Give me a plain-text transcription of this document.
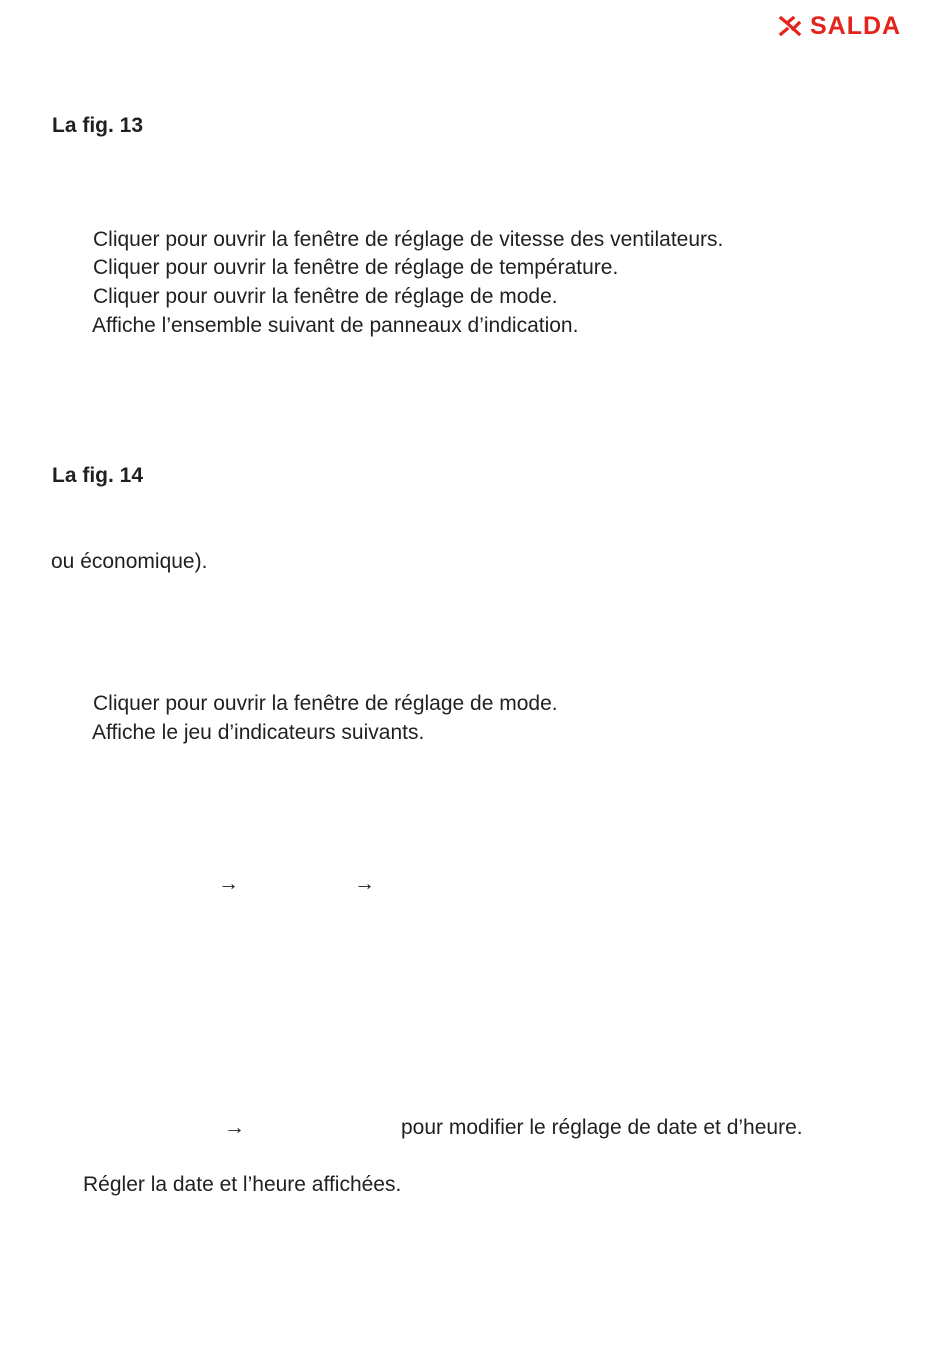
SALDA
La fig. 13
Cliquer pour ouvrir la fenêtre de réglage de vitesse des ventilateurs.
Cliquer pour ouvrir la fenêtre de réglage de température.
Cliquer pour ouvrir la fenêtre de réglage de mode.
Affiche l’ensemble suivant de panneaux d’indication.
La fig. 14
ou économique).
Cliquer pour ouvrir la fenêtre de réglage de mode.
Affiche le jeu d’indicateurs suivants.
→	→
→	pour modifier le réglage de date et d’heure.
Régler la date et l’heure affichées.
